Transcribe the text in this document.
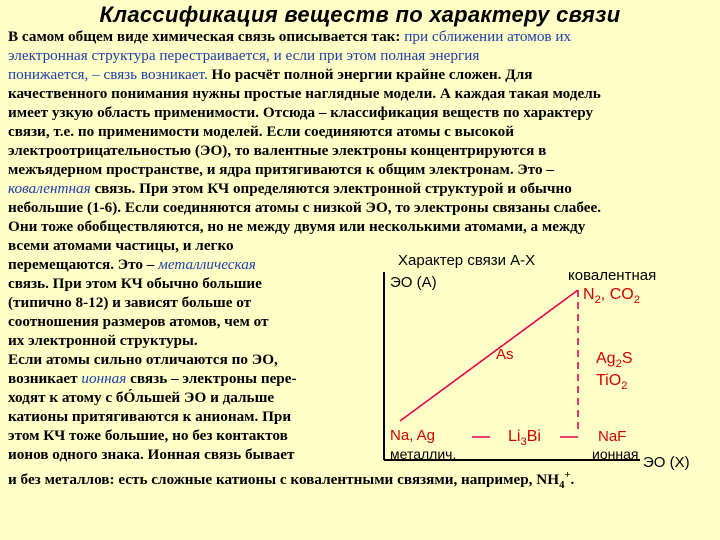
Классификация веществ по характеру связи
В самом общем виде химическая связь описывается так: при сближении атомов их
электронная структура перестраивается, и если при этом полная энергия
понижается, – связь возникает. Но расчёт полной энергии крайне сложен. Для
качественного понимания нужны простые наглядные модели. А каждая такая модель
имеет узкую область применимости. Отсюда – классификация веществ по характеру
связи, т.е. по применимости моделей. Если соединяются атомы с высокой
электроотрицательностью (ЭО), то валентные электроны концентрируются в
межъядерном пространстве, и ядра притягиваются к общим электронам. Это –
ковалентная связь. При этом КЧ определяются электронной структурой и обычно
небольшие (1-6). Если соединяются атомы с низкой ЭО, то электроны связаны слабее.
Они тоже обобществляются, но не между двумя или несколькими атомами, а между
всеми атомами частицы, и легко
перемещаются. Это – металлическая
связь. При этом КЧ обычно большие
(типично 8-12) и зависят больше от
соотношения размеров атомов, чем от
их электронной структуры.
Если атомы сильно отличаются по ЭО,
возникает ионная связь – электроны пере-
ходят к атому с бÓльшей ЭО и дальше
катионы притягиваются к анионам. При
этом КЧ тоже большие, но без контактов
ионов одного знака. Ионная связь бывает
и без металлов: есть сложные катионы с ковалентными связями, например, $NH_4^+$.
Характер связи А-Х
ЭО (А)	ковалентная
$N_2$, $CO_2$
As	$Ag_2S$
TiO$_2$
Na, Ag
металлич.
$Li_3Bi$	NaF
ионная ЭО (Х)
